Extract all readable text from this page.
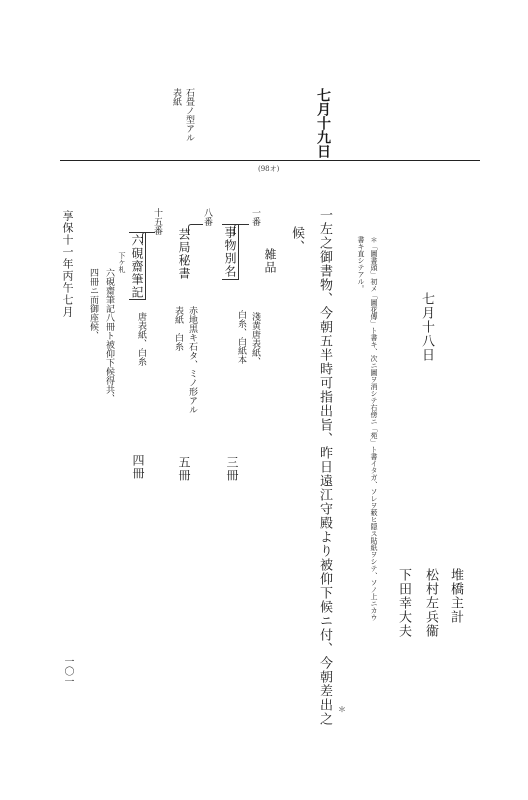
七月十九日
石畳ノ型アル
表紙
(98オ)
七月十八日
堆橋主計
松村左兵衞
下田幸大夫
＊「圖書頭」初メ「圖花傳」ト書キ、次ニ圖ヲ消シテ右傍ニ「苑」ト書イタガ、ソレヲ薮ヒ隠ス貼紙ヲシテ、ソノ上ニカウ
書キ直シテアル。
一左之御書物、今朝五半時可指出旨、昨日遠江守殿より被仰下候ニ付、今朝差出之 ＊
候、
雑品
一番
事物別名
淺黄唐表紙、
白糸、白紙本
三冊
八番
芸局秘書
赤地黒キ石タ、ミノ形アル
表紙　白糸
五冊
十五番
六硯齋筆記
唐表紙、白糸
四冊
下ケ札
六硯齋筆記八冊ト被仰下候得共、
四冊ニ而御座候、
享保十一年丙午七月
一〇一
